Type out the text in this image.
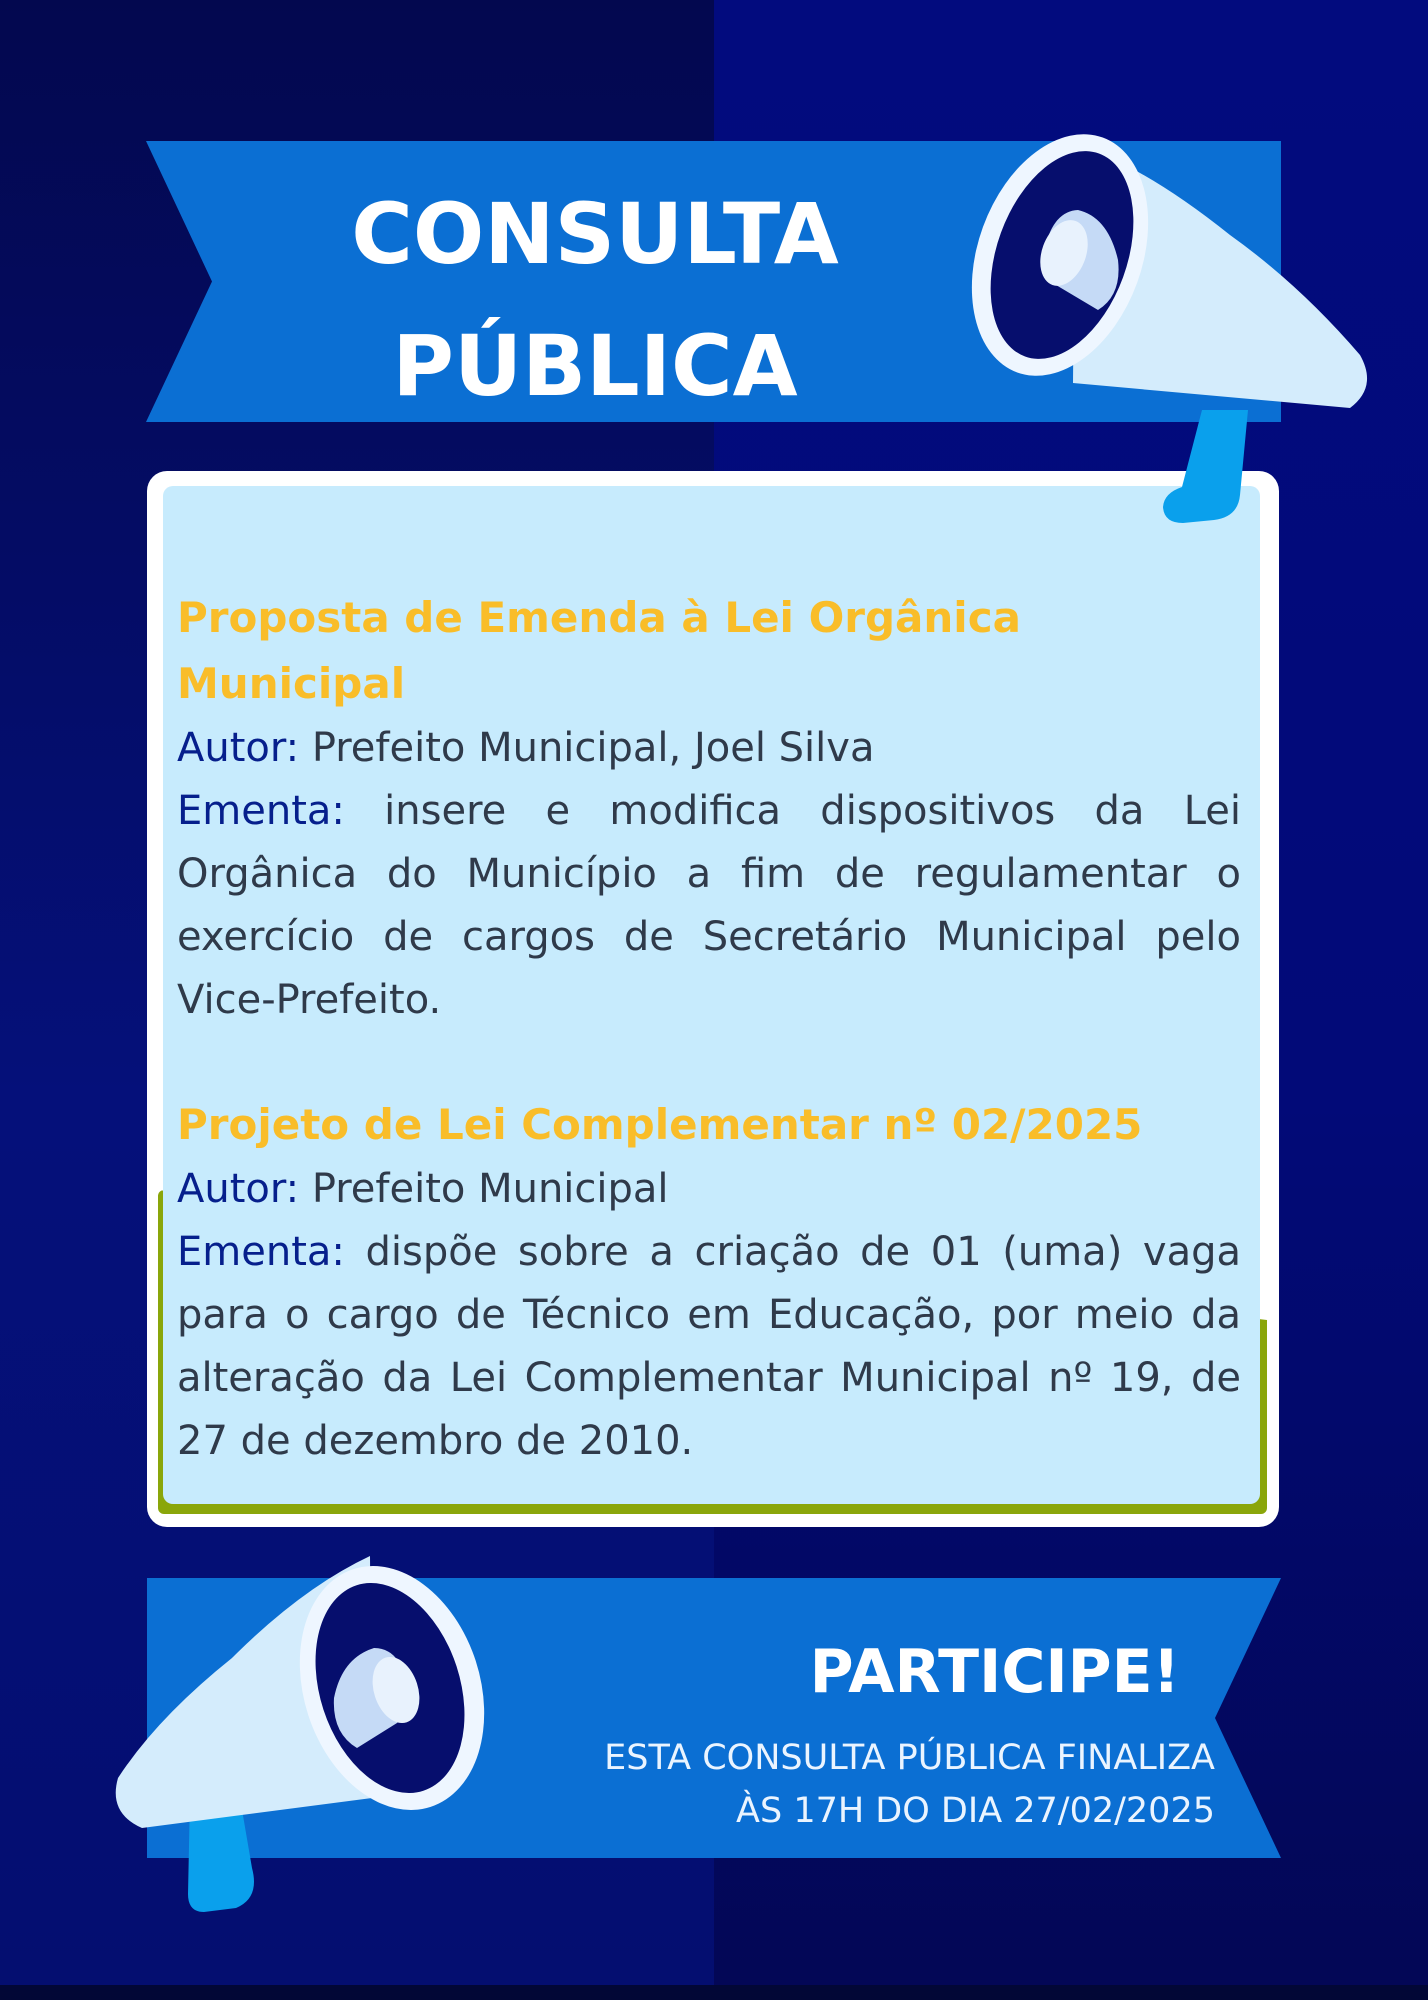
CONSULTA
PÚBLICA
Proposta de Emenda à Lei Orgânica Municipal
Autor: Prefeito Municipal, Joel Silva
Ementa: insere e modifica dispositivos da Lei Orgânica do Município a fim de regulamentar o exercício de cargos de Secretário Municipal pelo Vice-Prefeito.
Projeto de Lei Complementar nº 02/2025
Autor: Prefeito Municipal
Ementa: dispõe sobre a criação de 01 (uma) vaga para o cargo de Técnico em Educação, por meio da alteração da Lei Complementar Municipal nº 19, de 27 de dezembro de 2010.
PARTICIPE!
ESTA CONSULTA PÚBLICA FINALIZA
ÀS 17H DO DIA 27/02/2025
